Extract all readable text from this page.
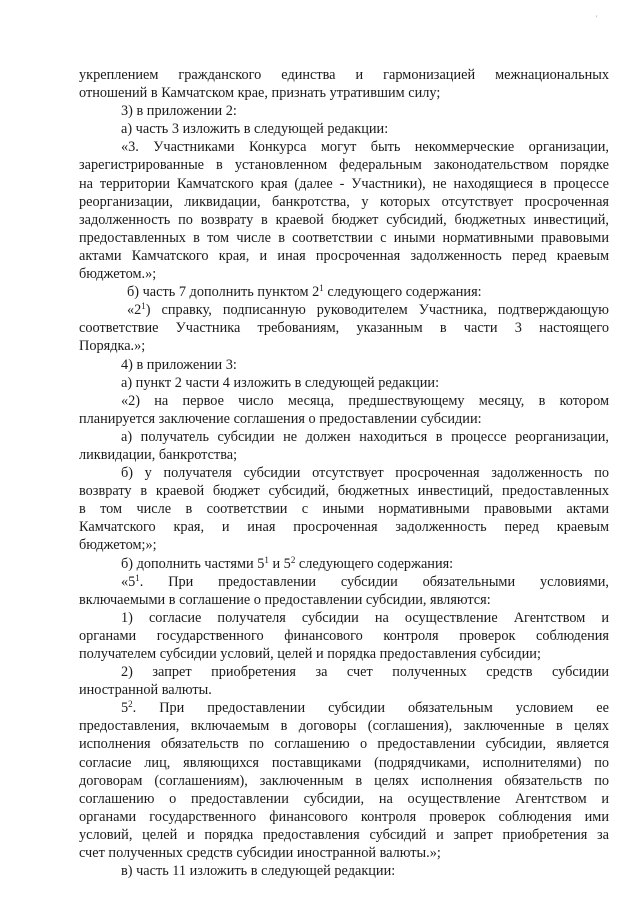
'

укреплением гражданского единства и гармонизацией межнациональных

отношений в Камчатском крае, признать утратившим силу;

3) в приложении 2:

а) часть 3 изложить в следующей редакции:

«3. Участниками Конкурса могут быть некоммерческие организации,

зарегистрированные в установленном федеральным законодательством порядке

на территории Камчатского края (далее - Участники), не находящиеся в процессе

реорганизации, ликвидации, банкротства, у которых отсутствует просроченная

задолженность по возврату в краевой бюджет субсидий, бюджетных инвестиций,

предоставленных в том числе в соответствии с иными нормативными правовыми

актами Камчатского края, и иная просроченная задолженность перед краевым

бюджетом.»;

б) часть 7 дополнить пунктом $2^1$ следующего содержания:

«$2^1$) справку, подписанную руководителем Участника, подтверждающую

соответствие Участника требованиям, указанным в части 3 настоящего

Порядка.»;

4) в приложении 3:

а) пункт 2 части 4 изложить в следующей редакции:

«2) на первое число месяца, предшествующему месяцу, в котором

планируется заключение соглашения о предоставлении субсидии:

а) получатель субсидии не должен находиться в процессе реорганизации,

ликвидации, банкротства;

б) у получателя субсидии отсутствует просроченная задолженность по

возврату в краевой бюджет субсидий, бюджетных инвестиций, предоставленных

в том числе в соответствии с иными нормативными правовыми актами

Камчатского края, и иная просроченная задолженность перед краевым

бюджетом;»;

б) дополнить частями $5^1$ и $5^2$ следующего содержания:

«$5^1$. При предоставлении субсидии обязательными условиями,

включаемыми в соглашение о предоставлении субсидии, являются:

1) согласие получателя субсидии на осуществление Агентством и

органами государственного финансового контроля проверок соблюдения

получателем субсидии условий, целей и порядка предоставления субсидии;

2) запрет приобретения за счет полученных средств субсидии

иностранной валюты.

$5^2$. При предоставлении субсидии обязательным условием ее

предоставления, включаемым в договоры (соглашения), заключенные в целях

исполнения обязательств по соглашению о предоставлении субсидии, является

согласие лиц, являющихся поставщиками (подрядчиками, исполнителями) по

договорам (соглашениям), заключенным в целях исполнения обязательств по

соглашению о предоставлении субсидии, на осуществление Агентством и

органами государственного финансового контроля проверок соблюдения ими

условий, целей и порядка предоставления субсидий и запрет приобретения за

счет полученных средств субсидии иностранной валюты.»;

в) часть 11 изложить в следующей редакции:
